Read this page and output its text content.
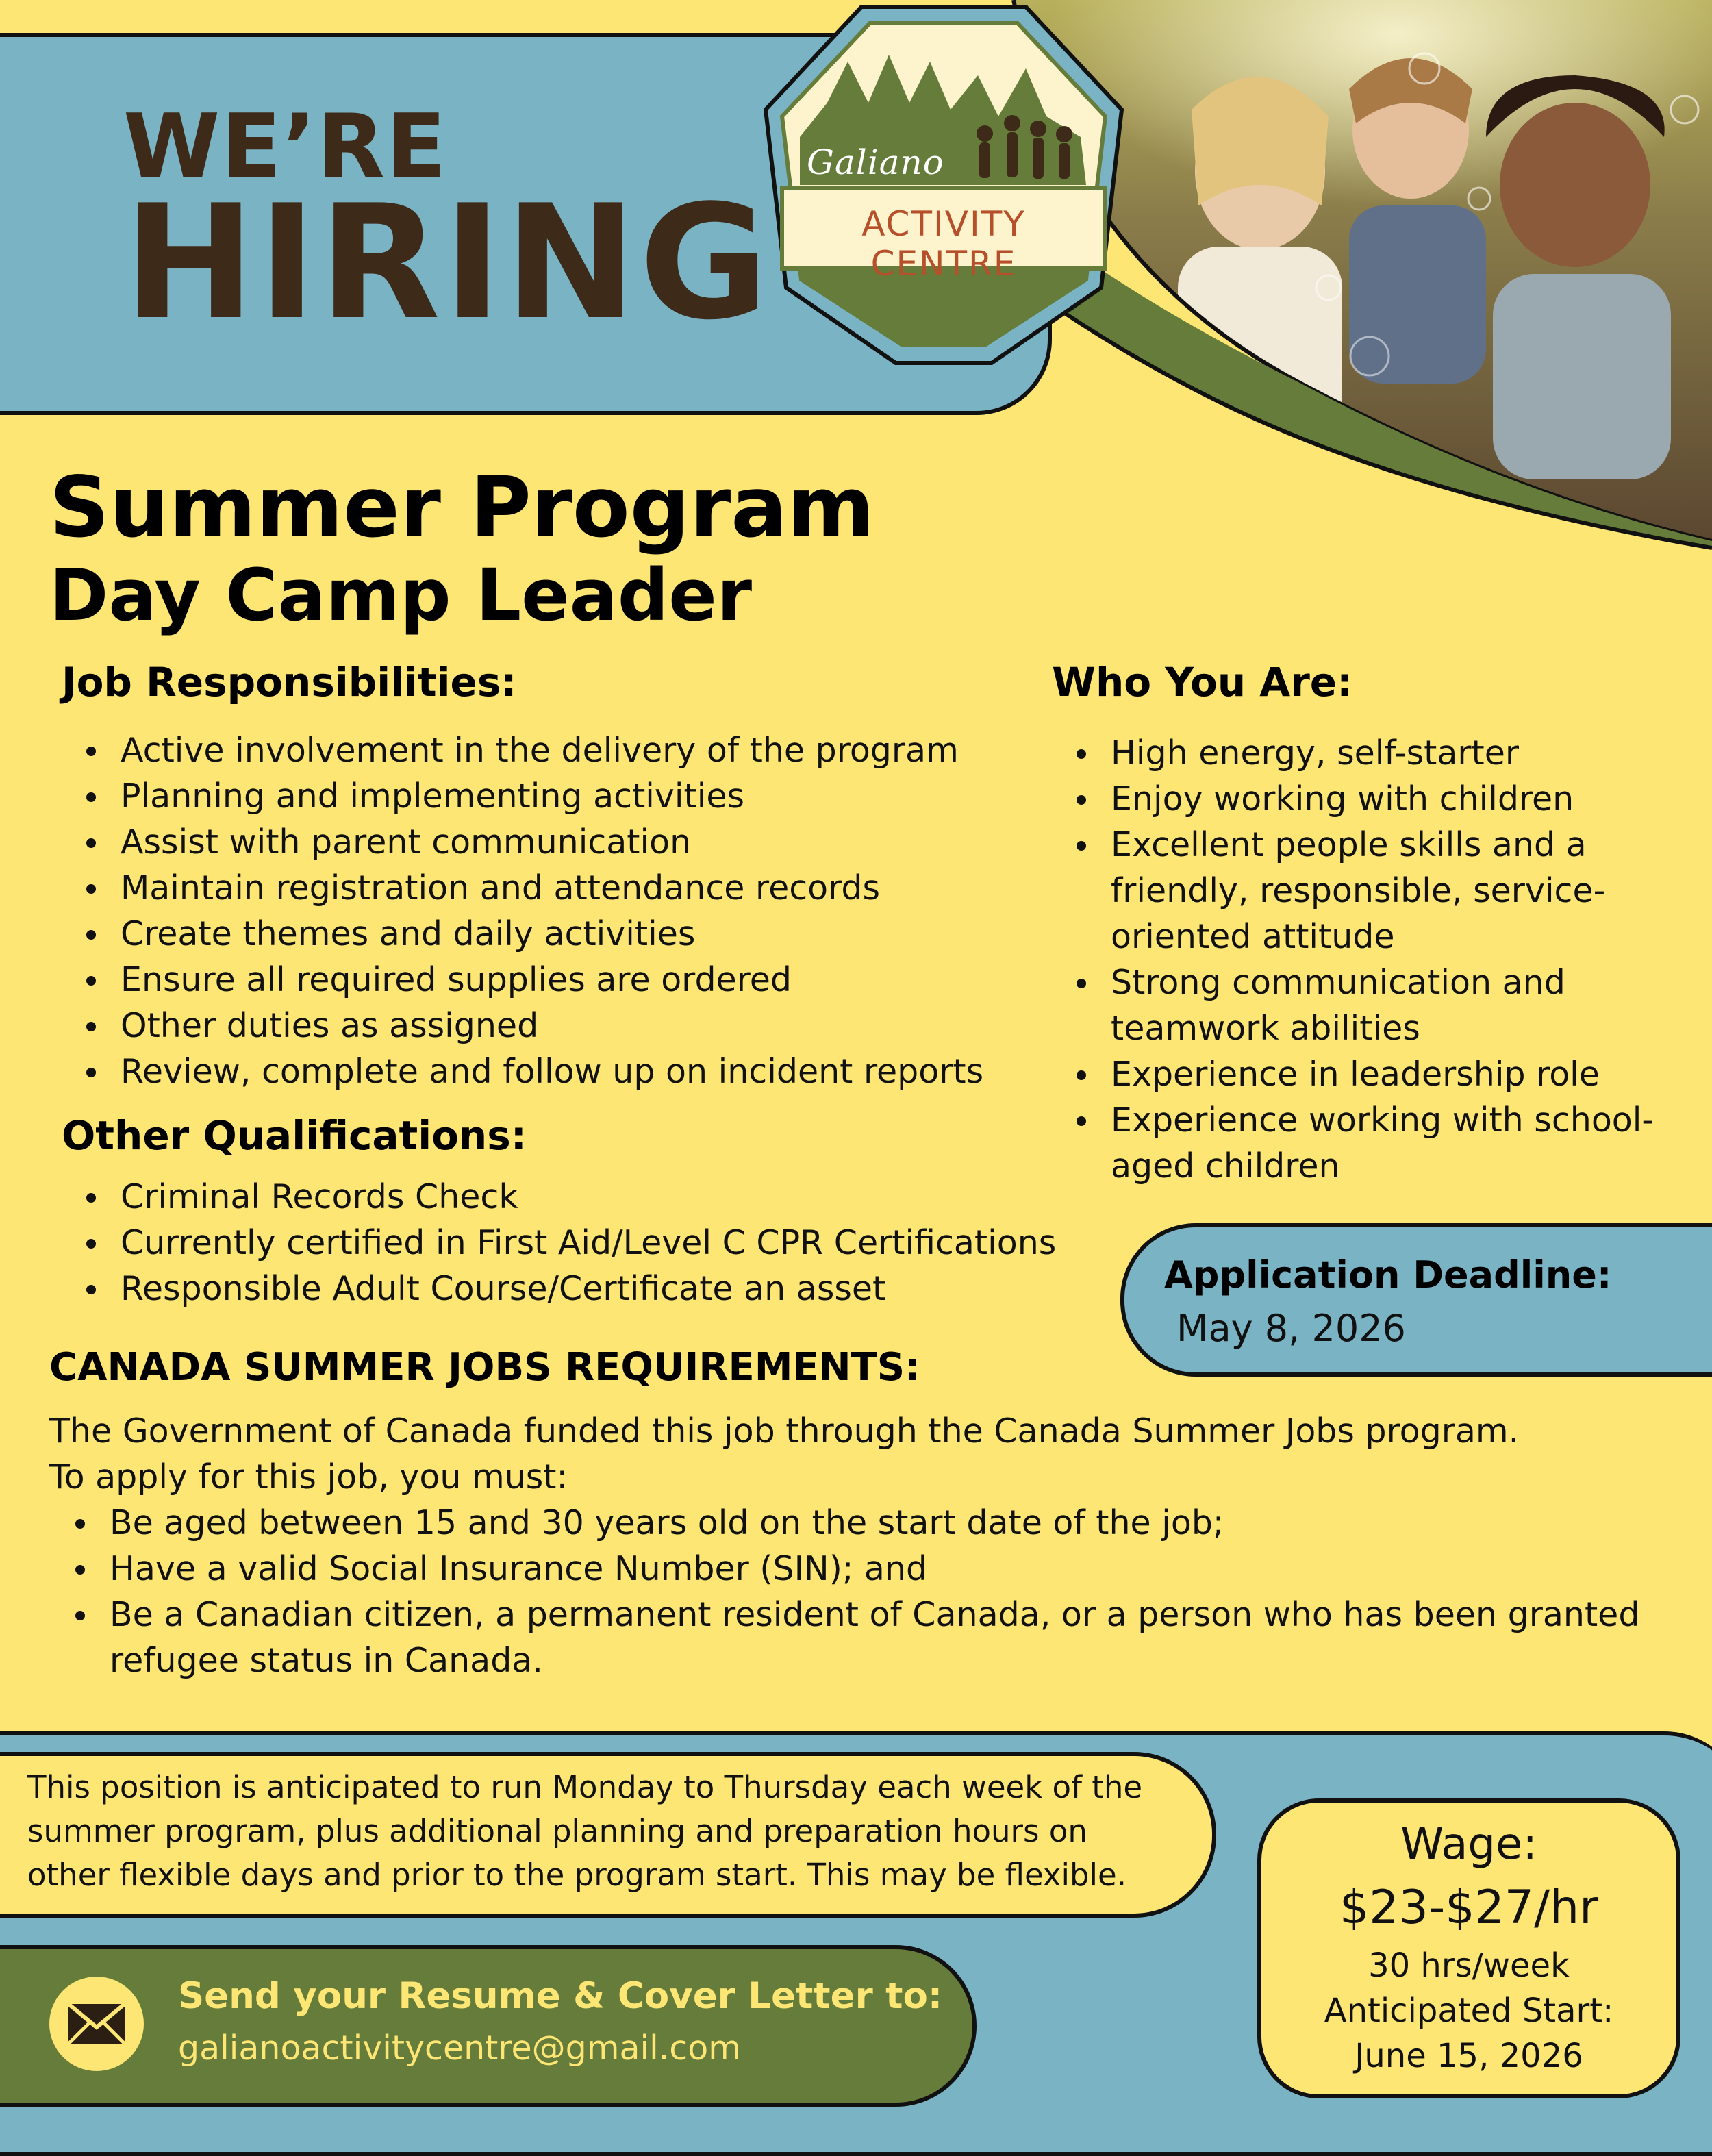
WE’RE
HIRING
Galiano
ACTIVITY CENTRE
Summer Program
Day Camp Leader
Job Responsibilities:
Active involvement in the delivery of the program
Planning and implementing activities
Assist with parent communication
Maintain registration and attendance records
Create themes and daily activities
Ensure all required supplies are ordered
Other duties as assigned
Review, complete and follow up on incident reports
Who You Are:
High energy, self-starter
Enjoy working with children
Excellent people skills and a friendly, responsible, service-oriented attitude
Strong communication and teamwork abilities
Experience in leadership role
Experience working with school-aged children
Other Qualifications:
Criminal Records Check
Currently certified in First Aid/Level C CPR Certifications
Responsible Adult Course/Certificate an asset	Application Deadline:
May 8, 2026
CANADA SUMMER JOBS REQUIREMENTS:

The Government of Canada funded this job through the Canada Summer Jobs program.

To apply for this job, you must:

Be aged between 15 and 30 years old on the start date of the job;
Have a valid Social Insurance Number (SIN); and
Be a Canadian citizen, a permanent resident of Canada, or a person who has been granted refugee status in Canada.
This position is anticipated to run Monday to Thursday each week of the summer program, plus additional planning and preparation hours on other flexible days and prior to the program start. This may be flexible.
Send your Resume & Cover Letter to:
galianoactivitycentre@gmail.com
Wage:
$23-$27/hr
30 hrs/week
Anticipated Start:
June 15, 2026
